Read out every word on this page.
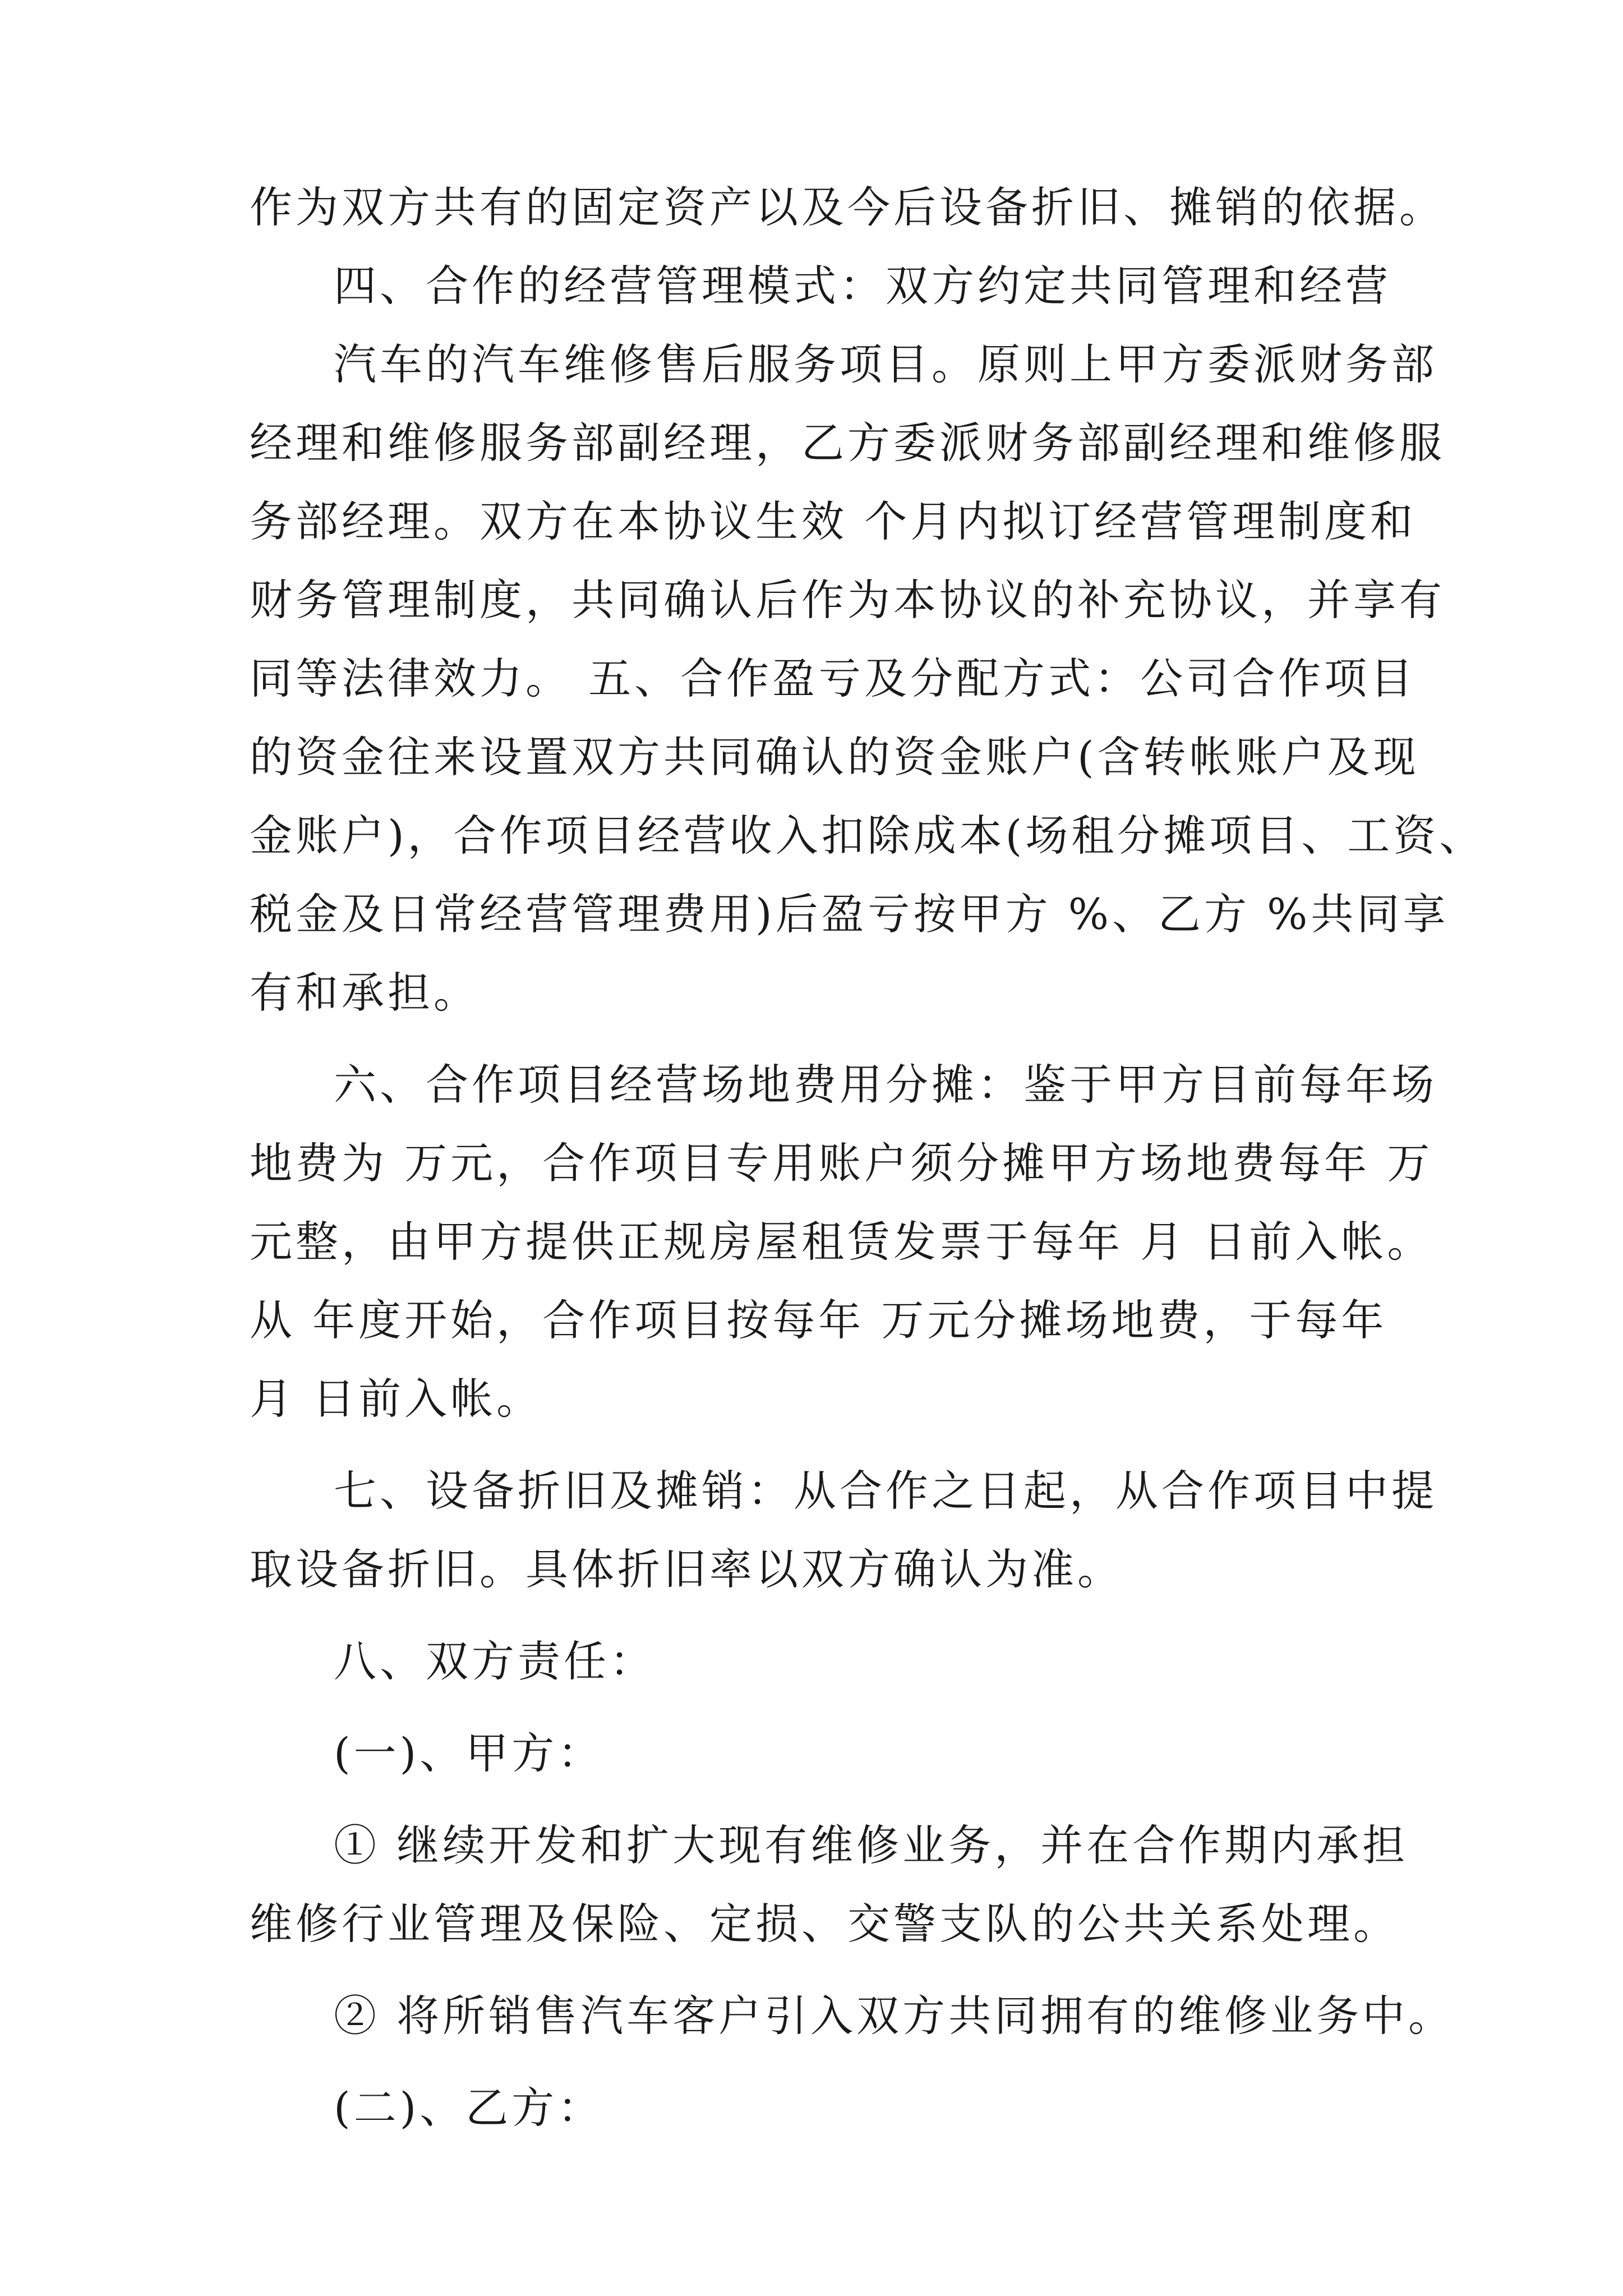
作为双方共有的固定资产以及今后设备折旧、摊销的依据。
四、合作的经营管理模式：双方约定共同管理和经营
汽车的汽车维修售后服务项目。原则上甲方委派财务部
经理和维修服务部副经理，乙方委派财务部副经理和维修服
务部经理。双方在本协议生效 个月内拟订经营管理制度和
财务管理制度，共同确认后作为本协议的补充协议，并享有
同等法律效力。 五、合作盈亏及分配方式：公司合作项目
的资金往来设置双方共同确认的资金账户(含转帐账户及现
金账户)，合作项目经营收入扣除成本(场租分摊项目、工资、
税金及日常经营管理费用)后盈亏按甲方 %、乙方 %共同享
有和承担。
六、合作项目经营场地费用分摊：鉴于甲方目前每年场
地费为 万元，合作项目专用账户须分摊甲方场地费每年 万
元整，由甲方提供正规房屋租赁发票于每年 月 日前入帐。
从 年度开始，合作项目按每年 万元分摊场地费，于每年
月 日前入帐。
七、设备折旧及摊销：从合作之日起，从合作项目中提
取设备折旧。具体折旧率以双方确认为准。
八、双方责任：
(一)、甲方：
① 继续开发和扩大现有维修业务，并在合作期内承担
维修行业管理及保险、定损、交警支队的公共关系处理。
② 将所销售汽车客户引入双方共同拥有的维修业务中。
(二)、乙方：
